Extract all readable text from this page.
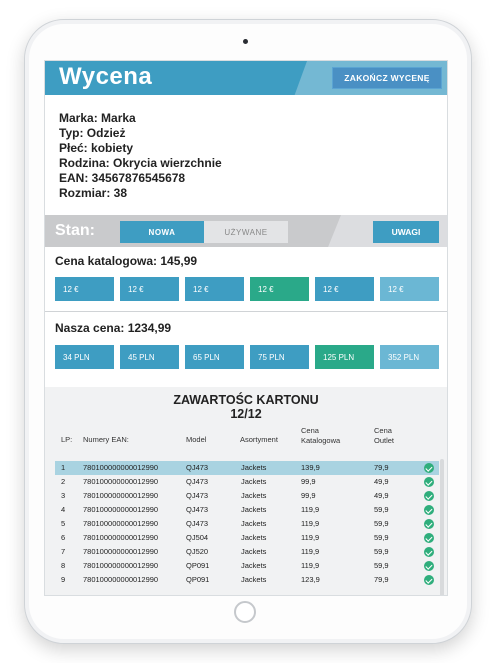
Wycena	ZAKOŃCZ WYCENĘ
Marka: Marka
Typ: Odzież
Płeć: kobiety
Rodzina: Okrycia wierzchnie
EAN: 34567876545678
Rozmiar: 38
Stan:	NOWA	UŻYWANE	UWAGI
Cena katalogowa: 145,99
12 €	12 €	12 €	12 €	12 €	12 €
Nasza cena: 1234,99
34 PLN	45 PLN	65 PLN	75 PLN	125 PLN	352 PLN
ZAWARTOŚC KARTONU
12/12
LP: Numery EAN:	Model	Asortyment
Cena
Katalogowa
Cena
Outlet
1 780100000000012990	QJ473	Jackets	139,9	79,9
2 780100000000012990	QJ473	Jackets	99,9	49,9
3 780100000000012990	QJ473	Jackets	99,9	49,9
4 780100000000012990	QJ473	Jackets	119,9	59,9
5 780100000000012990	QJ473	Jackets	119,9	59,9
6 780100000000012990	QJ504	Jackets	119,9	59,9
7 780100000000012990	QJ520	Jackets	119,9	59,9
8 780100000000012990	QP091	Jackets	119,9	59,9
9 780100000000012990	QP091	Jackets	123,9	79,9
